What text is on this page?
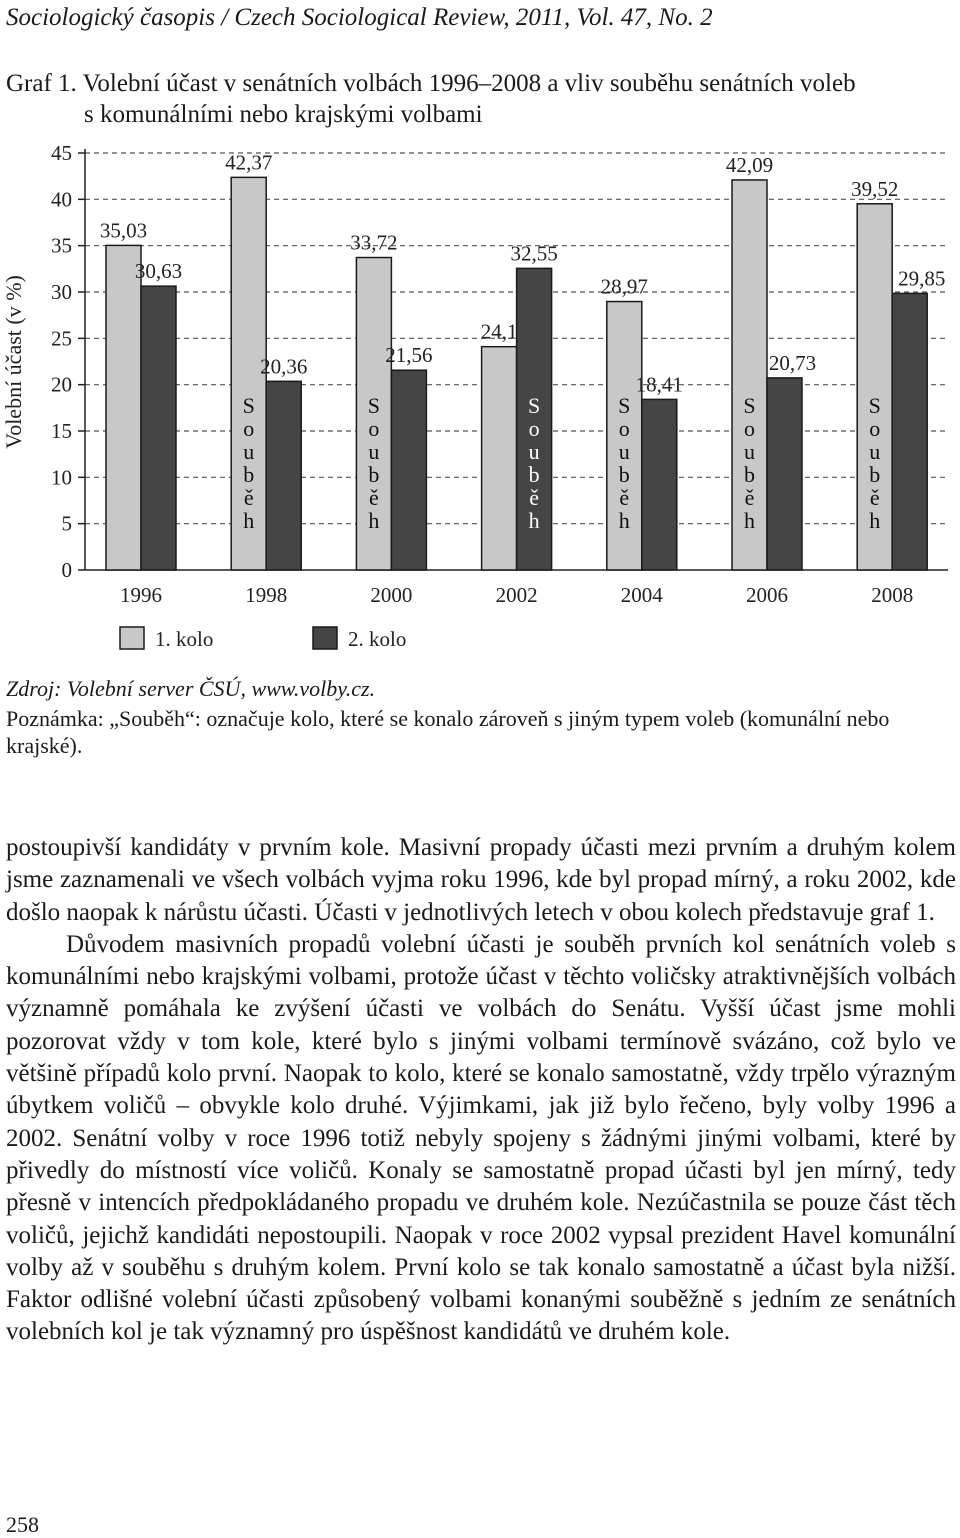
Sociologický časopis / Czech Sociological Review, 2011, Vol. 47, No. 2
Graf 1. Volební účast v senátních volbách 1996–2008 a vliv souběhu senátních voleb
s komunálními nebo krajskými volbami
0
5
10
15
20
25
30
35
40
45
Volební účast (v %)
1996	1998	2000	2002	2004	2006	2008
35,03
30,63
42,37
S
o
u
b
ě
h
20,36
33,72
S
o
u
b
ě
h
21,56
24,1
32,55
S
o
u
b
ě
h
28,97
S
o
u
b
ě
h
18,41
42,09
S
o
u
b
ě
h
20,73
39,52
S
o
u
b
ě
h
29,85
1. kolo	2. kolo
Zdroj: Volební server ČSÚ, www.volby.cz.
Poznámka: „Souběh“: označuje kolo, které se konalo zároveň s jiným typem voleb (komunální nebo krajské).

postoupivší kandidáty v prvním kole. Masivní propady účasti mezi prvním a druhým kolem jsme zaznamenali ve všech volbách vyjma roku 1996, kde byl propad mírný, a roku 2002, kde došlo naopak k nárůstu účasti. Účasti v jednotlivých letech v obou kolech představuje graf 1.

Důvodem masivních propadů volební účasti je souběh prvních kol senátních voleb s komunálními nebo krajskými volbami, protože účast v těchto voličsky atraktivnějších volbách významně pomáhala ke zvýšení účasti ve volbách do Senátu. Vyšší účast jsme mohli pozorovat vždy v tom kole, které bylo s jinými volbami termínově svázáno, což bylo ve většině případů kolo první. Naopak to kolo, které se konalo samostatně, vždy trpělo výrazným úbytkem voličů – obvykle kolo druhé. Výjimkami, jak již bylo řečeno, byly volby 1996 a 2002. Senátní volby v roce 1996 totiž nebyly spojeny s žádnými jinými volbami, které by přivedly do místností více voličů. Konaly se samostatně propad účasti byl jen mírný, tedy přesně v intencích předpokládaného propadu ve druhém kole. Nezúčastnila se pouze část těch voličů, jejichž kandidáti nepostoupili. Naopak v roce 2002 vypsal prezident Havel komunální volby až v souběhu s druhým kolem. První kolo se tak konalo samostatně a účast byla nižší. Faktor odlišné volební účasti způsobený volbami konanými souběžně s jedním ze senátních volebních kol je tak významný pro úspěšnost kandidátů ve druhém kole.

258
